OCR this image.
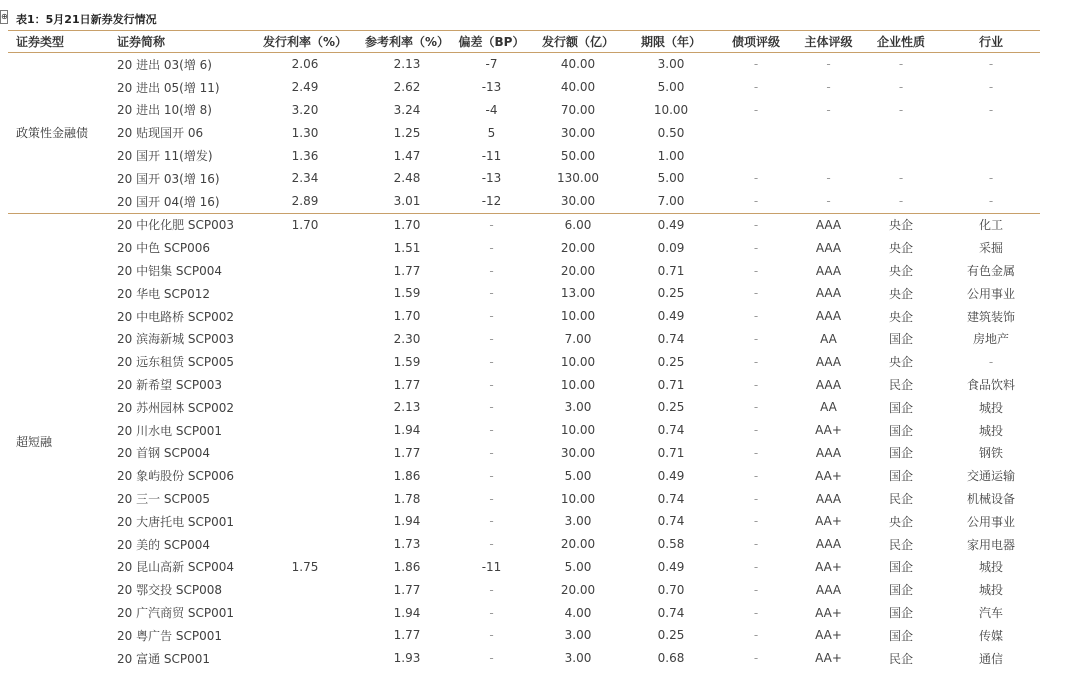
⊕ 表1：5月21日新券发行情况
证券类型	证券简称	发行利率（%）	参考利率（%）	偏差（BP）	发行额（亿）	期限（年）	债项评级	主体评级	企业性质	行业
政策性金融债	20 进出 03(增 6)	2.06	2.13	-7	40.00	3.00	-	-	-	-
	20 进出 05(增 11)	2.49	2.62	-13	40.00	5.00	-	-	-	-
	20 进出 10(增 8)	3.20	3.24	-4	70.00	10.00	-	-	-	-
	20 贴现国开 06	1.30	1.25	5	30.00	0.50				
	20 国开 11(增发)	1.36	1.47	-11	50.00	1.00				
	20 国开 03(增 16)	2.34	2.48	-13	130.00	5.00	-	-	-	-
	20 国开 04(增 16)	2.89	3.01	-12	30.00	7.00	-	-	-	-
超短融	20 中化化肥 SCP003	1.70	1.70	-	6.00	0.49	-	AAA	央企	化工
	20 中色 SCP006		1.51	-	20.00	0.09	-	AAA	央企	采掘
	20 中铝集 SCP004		1.77	-	20.00	0.71	-	AAA	央企	有色金属
	20 华电 SCP012		1.59	-	13.00	0.25	-	AAA	央企	公用事业
	20 中电路桥 SCP002		1.70	-	10.00	0.49	-	AAA	央企	建筑装饰
	20 滨海新城 SCP003		2.30	-	7.00	0.74	-	AA	国企	房地产
	20 远东租赁 SCP005		1.59	-	10.00	0.25	-	AAA	央企	-
	20 新希望 SCP003		1.77	-	10.00	0.71	-	AAA	民企	食品饮料
	20 苏州园林 SCP002		2.13	-	3.00	0.25	-	AA	国企	城投
	20 川水电 SCP001		1.94	-	10.00	0.74	-	AA+	国企	城投
	20 首钢 SCP004		1.77	-	30.00	0.71	-	AAA	国企	钢铁
	20 象屿股份 SCP006		1.86	-	5.00	0.49	-	AA+	国企	交通运输
	20 三一 SCP005		1.78	-	10.00	0.74	-	AAA	民企	机械设备
	20 大唐托电 SCP001		1.94	-	3.00	0.74	-	AA+	央企	公用事业
	20 美的 SCP004		1.73	-	20.00	0.58	-	AAA	民企	家用电器
	20 昆山高新 SCP004	1.75	1.86	-11	5.00	0.49	-	AA+	国企	城投
	20 鄂交投 SCP008		1.77	-	20.00	0.70	-	AAA	国企	城投
	20 广汽商贸 SCP001		1.94	-	4.00	0.74	-	AA+	国企	汽车
	20 粤广告 SCP001		1.77	-	3.00	0.25	-	AA+	国企	传媒
	20 富通 SCP001		1.93	-	3.00	0.68	-	AA+	民企	通信
